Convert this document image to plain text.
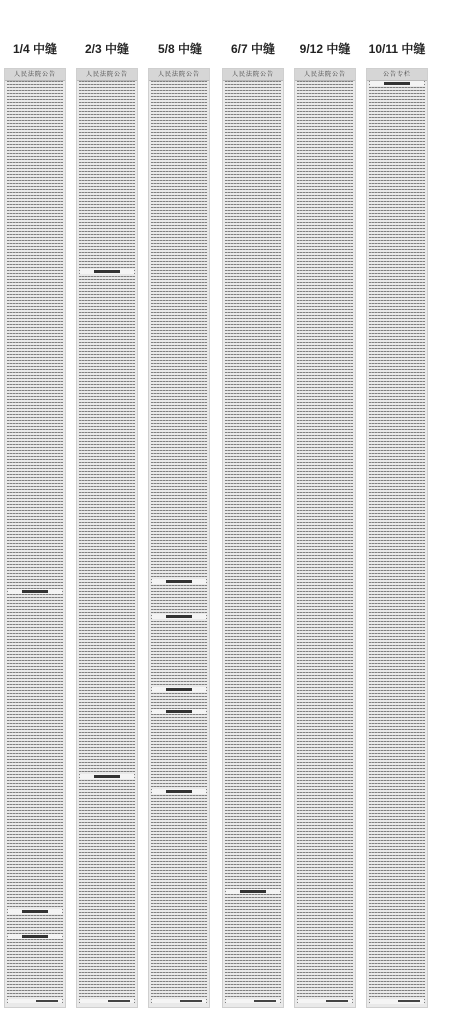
1/4 中缝
人民法院公告
2/3 中缝
人民法院公告
5/8 中缝
人民法院公告
6/7 中缝
人民法院公告
9/12 中缝
人民法院公告
10/11 中缝
公告专栏
